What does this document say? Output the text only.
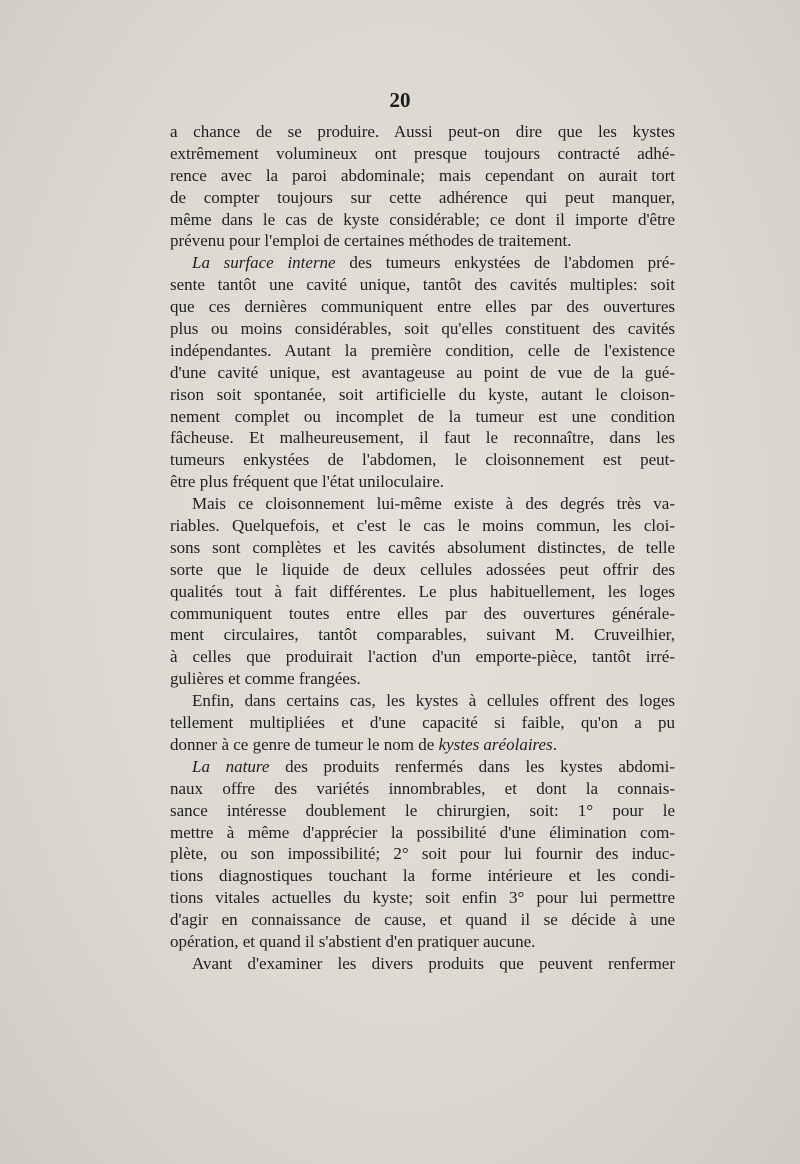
20
a chance de se produire. Aussi peut-on dire que les kystes
extrêmement volumineux ont presque toujours contracté adhé-
rence avec la paroi abdominale; mais cependant on aurait tort
de compter toujours sur cette adhérence qui peut manquer,
même dans le cas de kyste considérable; ce dont il importe d'être
prévenu pour l'emploi de certaines méthodes de traitement.
La surface interne des tumeurs enkystées de l'abdomen pré-
sente tantôt une cavité unique, tantôt des cavités multiples: soit
que ces dernières communiquent entre elles par des ouvertures
plus ou moins considérables, soit qu'elles constituent des cavités
indépendantes. Autant la première condition, celle de l'existence
d'une cavité unique, est avantageuse au point de vue de la gué-
rison soit spontanée, soit artificielle du kyste, autant le cloison-
nement complet ou incomplet de la tumeur est une condition
fâcheuse. Et malheureusement, il faut le reconnaître, dans les
tumeurs enkystées de l'abdomen, le cloisonnement est peut-
être plus fréquent que l'état uniloculaire.
Mais ce cloisonnement lui-même existe à des degrés très va-
riables. Quelquefois, et c'est le cas le moins commun, les cloi-
sons sont complètes et les cavités absolument distinctes, de telle
sorte que le liquide de deux cellules adossées peut offrir des
qualités tout à fait différentes. Le plus habituellement, les loges
communiquent toutes entre elles par des ouvertures générale-
ment circulaires, tantôt comparables, suivant M. Cruveilhier,
à celles que produirait l'action d'un emporte-pièce, tantôt irré-
gulières et comme frangées.
Enfin, dans certains cas, les kystes à cellules offrent des loges
tellement multipliées et d'une capacité si faible, qu'on a pu
donner à ce genre de tumeur le nom de kystes aréolaires.
La nature des produits renfermés dans les kystes abdomi-
naux offre des variétés innombrables, et dont la connais-
sance intéresse doublement le chirurgien, soit: 1° pour le
mettre à même d'apprécier la possibilité d'une élimination com-
plète, ou son impossibilité; 2° soit pour lui fournir des induc-
tions diagnostiques touchant la forme intérieure et les condi-
tions vitales actuelles du kyste; soit enfin 3° pour lui permettre
d'agir en connaissance de cause, et quand il se décide à une
opération, et quand il s'abstient d'en pratiquer aucune.
Avant d'examiner les divers produits que peuvent renfermer
